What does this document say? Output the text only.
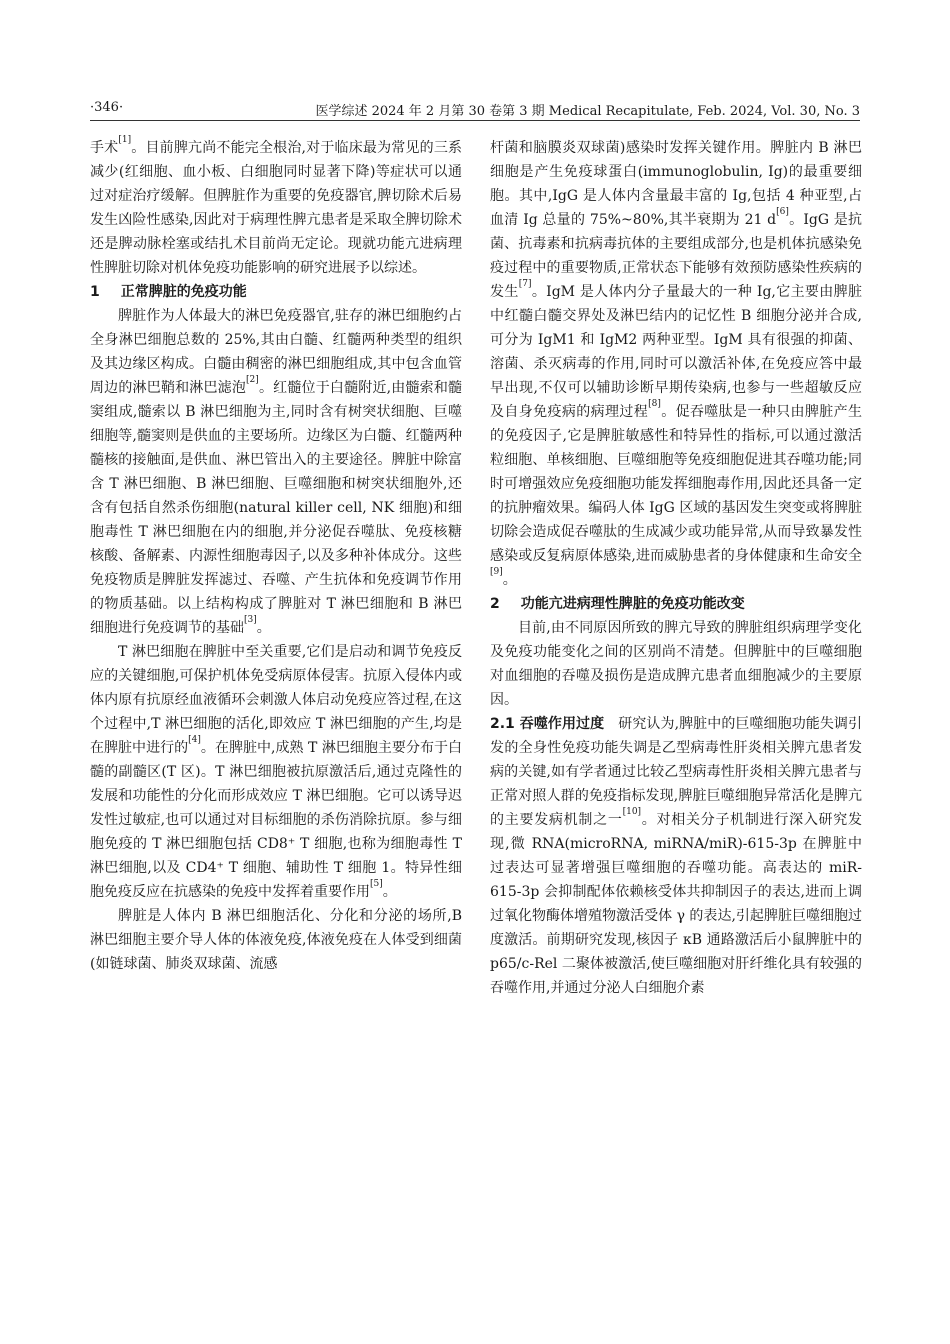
·346·	医学综述 2024 年 2 月第 30 卷第 3 期 Medical Recapitulate, Feb. 2024, Vol. 30, No. 3

手术[1]。目前脾亢尚不能完全根治,对于临床最为常见的三系减少(红细胞、血小板、白细胞同时显著下降)等症状可以通过对症治疗缓解。但脾脏作为重要的免疫器官,脾切除术后易发生凶险性感染,因此对于病理性脾亢患者是采取全脾切除术还是脾动脉栓塞或结扎术目前尚无定论。现就功能亢进病理性脾脏切除对机体免疫功能影响的研究进展予以综述。

1 正常脾脏的免疫功能

脾脏作为人体最大的淋巴免疫器官,驻存的淋巴细胞约占全身淋巴细胞总数的 25%,其由白髓、红髓两种类型的组织及其边缘区构成。白髓由稠密的淋巴细胞组成,其中包含血管周边的淋巴鞘和淋巴滤泡[2]。红髓位于白髓附近,由髓索和髓窦组成,髓索以 B 淋巴细胞为主,同时含有树突状细胞、巨噬细胞等,髓窦则是供血的主要场所。边缘区为白髓、红髓两种髓核的接触面,是供血、淋巴管出入的主要途径。脾脏中除富含 T 淋巴细胞、B 淋巴细胞、巨噬细胞和树突状细胞外,还含有包括自然杀伤细胞(natural killer cell, NK 细胞)和细胞毒性 T 淋巴细胞在内的细胞,并分泌促吞噬肽、免疫核糖核酸、备解素、内源性细胞毒因子,以及多种补体成分。这些免疫物质是脾脏发挥滤过、吞噬、产生抗体和免疫调节作用的物质基础。以上结构构成了脾脏对 T 淋巴细胞和 B 淋巴细胞进行免疫调节的基础[3]。

T 淋巴细胞在脾脏中至关重要,它们是启动和调节免疫反应的关键细胞,可保护机体免受病原体侵害。抗原入侵体内或体内原有抗原经血液循环会刺激人体启动免疫应答过程,在这个过程中,T 淋巴细胞的活化,即效应 T 淋巴细胞的产生,均是在脾脏中进行的[4]。在脾脏中,成熟 T 淋巴细胞主要分布于白髓的副髓区(T 区)。T 淋巴细胞被抗原激活后,通过克隆性的发展和功能性的分化而形成效应 T 淋巴细胞。它可以诱导迟发性过敏症,也可以通过对目标细胞的杀伤消除抗原。参与细胞免疫的 T 淋巴细胞包括 CD8⁺ T 细胞,也称为细胞毒性 T 淋巴细胞,以及 CD4⁺ T 细胞、辅助性 T 细胞 1。特异性细胞免疫反应在抗感染的免疫中发挥着重要作用[5]。

脾脏是人体内 B 淋巴细胞活化、分化和分泌的场所,B 淋巴细胞主要介导人体的体液免疫,体液免疫在人体受到细菌(如链球菌、肺炎双球菌、流感

杆菌和脑膜炎双球菌)感染时发挥关键作用。脾脏内 B 淋巴细胞是产生免疫球蛋白(immunoglobulin, Ig)的最重要细胞。其中,IgG 是人体内含量最丰富的 Ig,包括 4 种亚型,占血清 Ig 总量的 75%~80%,其半衰期为 21 d[6]。IgG 是抗菌、抗毒素和抗病毒抗体的主要组成部分,也是机体抗感染免疫过程中的重要物质,正常状态下能够有效预防感染性疾病的发生[7]。IgM 是人体内分子量最大的一种 Ig,它主要由脾脏中红髓白髓交界处及淋巴结内的记忆性 B 细胞分泌并合成,可分为 IgM1 和 IgM2 两种亚型。IgM 具有很强的抑菌、溶菌、杀灭病毒的作用,同时可以激活补体,在免疫应答中最早出现,不仅可以辅助诊断早期传染病,也参与一些超敏反应及自身免疫病的病理过程[8]。促吞噬肽是一种只由脾脏产生的免疫因子,它是脾脏敏感性和特异性的指标,可以通过激活粒细胞、单核细胞、巨噬细胞等免疫细胞促进其吞噬功能;同时可增强效应免疫细胞功能发挥细胞毒作用,因此还具备一定的抗肿瘤效果。编码人体 IgG 区域的基因发生突变或将脾脏切除会造成促吞噬肽的生成减少或功能异常,从而导致暴发性感染或反复病原体感染,进而威胁患者的身体健康和生命安全[9]。

2 功能亢进病理性脾脏的免疫功能改变

目前,由不同原因所致的脾亢导致的脾脏组织病理学变化及免疫功能变化之间的区别尚不清楚。但脾脏中的巨噬细胞对血细胞的吞噬及损伤是造成脾亢患者血细胞减少的主要原因。

2.1 吞噬作用过度　 研究认为,脾脏中的巨噬细胞功能失调引发的全身性免疫功能失调是乙型病毒性肝炎相关脾亢患者发病的关键,如有学者通过比较乙型病毒性肝炎相关脾亢患者与正常对照人群的免疫指标发现,脾脏巨噬细胞异常活化是脾亢的主要发病机制之一[10]。对相关分子机制进行深入研究发现,微 RNA(microRNA, miRNA/miR)-615-3p 在脾脏中过表达可显著增强巨噬细胞的吞噬功能。高表达的 miR-615-3p 会抑制配体依赖核受体共抑制因子的表达,进而上调过氧化物酶体增殖物激活受体 γ 的表达,引起脾脏巨噬细胞过度激活。前期研究发现,核因子 κB 通路激活后小鼠脾脏中的 p65/c-Rel 二聚体被激活,使巨噬细胞对肝纤维化具有较强的吞噬作用,并通过分泌人白细胞介素
